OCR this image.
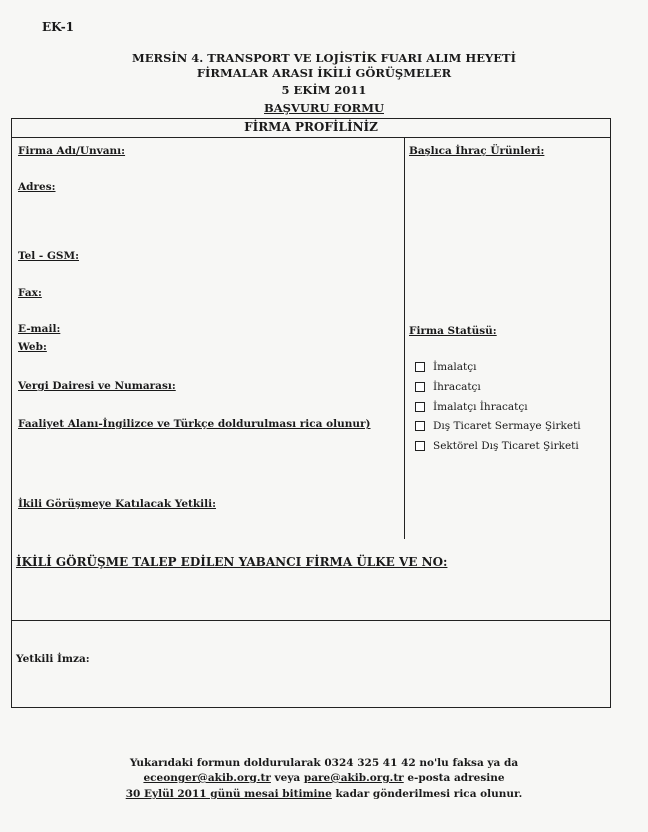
EK-1
MERSİN 4. TRANSPORT VE LOJİSTİK FUARI ALIM HEYETİ
FİRMALAR ARASI İKİLİ GÖRÜŞMELER
5 EKİM 2011
BAŞVURU FORMU
FİRMA PROFİLİNİZ
Firma Adı/Unvanı:
Adres:
Tel - GSM:
Fax:
E-mail:
Web:
Vergi Dairesi ve Numarası:
Faaliyet Alanı-İngilizce ve Türkçe doldurulması rica olunur)
İkili Görüşmeye Katılacak Yetkili:
Başlıca İhraç Ürünleri:
Firma Statüsü:
İmalatçı
İhracatçı
İmalatçı İhracatçı
Dış Ticaret Sermaye Şirketi
Sektörel Dış Ticaret Şirketi
İKİLİ GÖRÜŞME TALEP EDİLEN YABANCI FİRMA ÜLKE VE NO:
Yetkili İmza:
Yukarıdaki formun doldurularak 0324 325 41 42 no'lu faksa ya da
eceonger@akib.org.tr veya pare@akib.org.tr e-posta adresine
30 Eylül 2011 günü mesai bitimine kadar gönderilmesi rica olunur.
